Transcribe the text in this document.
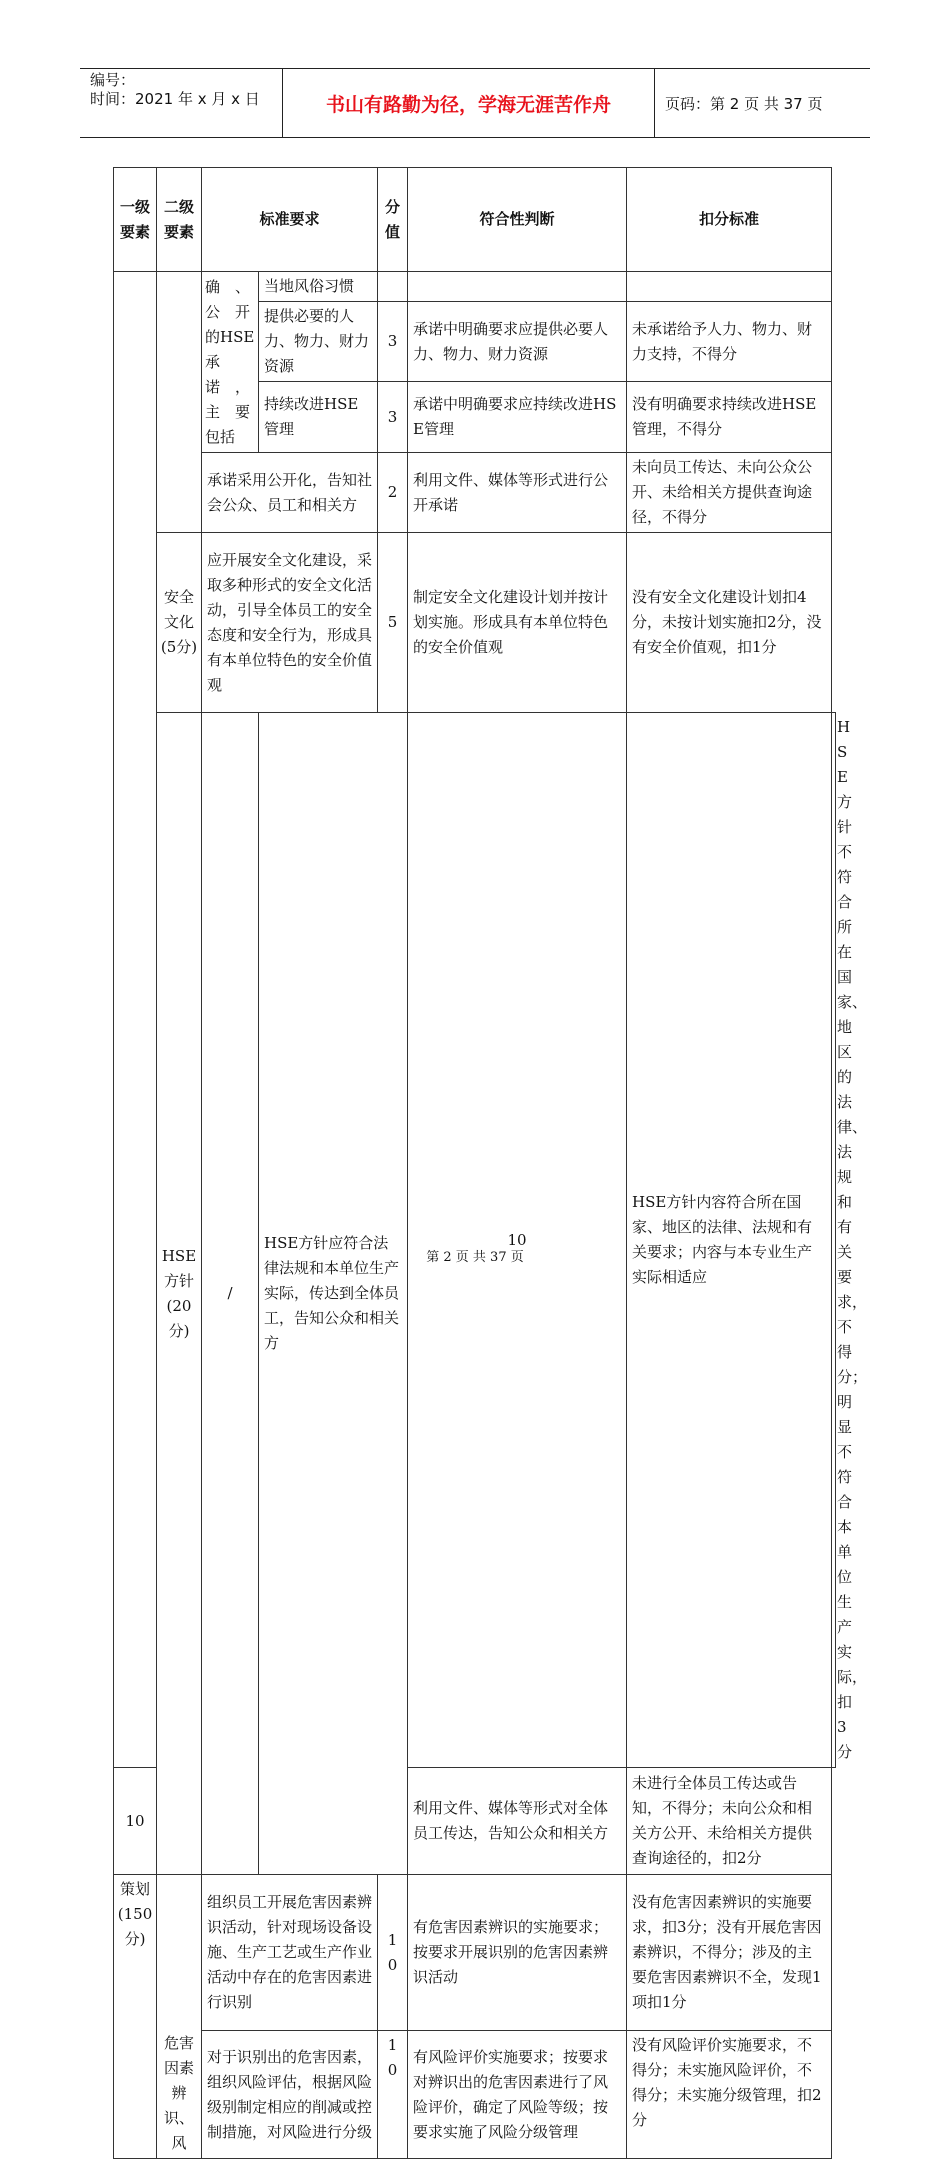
编号：
时间：2021 年 x 月 x 日	书山有路勤为径，学海无涯苦作舟	页码：第 2 页 共 37 页
一级要素	二级要素	标准要求		分值	符合性判断	扣分标准	
		确　、公　开的HSE承　诺　，主　要包括	当地风俗习惯				
			提供必要的人力、物力、财力资源	3	承诺中明确要求应提供必要人力、物力、财力资源	未承诺给予人力、物力、财力支持，不得分	
			持续改进HSE管理	3	承诺中明确要求应持续改进HSE管理	没有明确要求持续改进HSE管理，不得分	
		承诺采用公开化，告知社会公众、员工和相关方		2	利用文件、媒体等形式进行公开承诺	未向员工传达、未向公众公开、未给相关方提供查询途径，不得分	
	安全文化(5分)	应开展安全文化建设，采取多种形式的安全文化活动，引导全体员工的安全态度和安全行为，形成具有本单位特色的安全价值观		5	制定安全文化建设计划并按计划实施。形成具有本单位特色的安全价值观	没有安全文化建设计划扣4分，未按计划实施扣2分，没有安全价值观，扣1分	
	HSE方针(20分)	/	HSE方针应符合法律法规和本单位生产实际，传达到全体员工，告知公众和相关方		10	HSE方针内容符合所在国家、地区的法律、法规和有关要求；内容与本专业生产实际相适应	HSE方针不符合所在国家、地区的法律、法规和有关要求，不得分；明显不符合本单位生产实际，扣3分
10					利用文件、媒体等形式对全体员工传达，告知公众和相关方	未进行全体员工传达或告知，不得分；未向公众和相关方公开、未给相关方提供查询途径的，扣2分	
策划(150分)	危害因素辨识、风	组织员工开展危害因素辨识活动，针对现场设备设施、生产工艺或生产作业活动中存在的危害因素进行识别		10	有危害因素辨识的实施要求；按要求开展识别的危害因素辨识活动	没有危害因素辨识的实施要求，扣3分；没有开展危害因素辨识，不得分；涉及的主要危害因素辨识不全，发现1项扣1分	
		对于识别出的危害因素，组织风险评估，根据风险级别制定相应的削减或控制措施，对风险进行分级		10	有风险评价实施要求；按要求对辨识出的危害因素进行了风险评价，确定了风险等级；按要求实施了风险分级管理	没有风险评价实施要求，不得分；未实施风险评价，不得分；未实施分级管理，扣2分	
第 2 页 共 37 页
